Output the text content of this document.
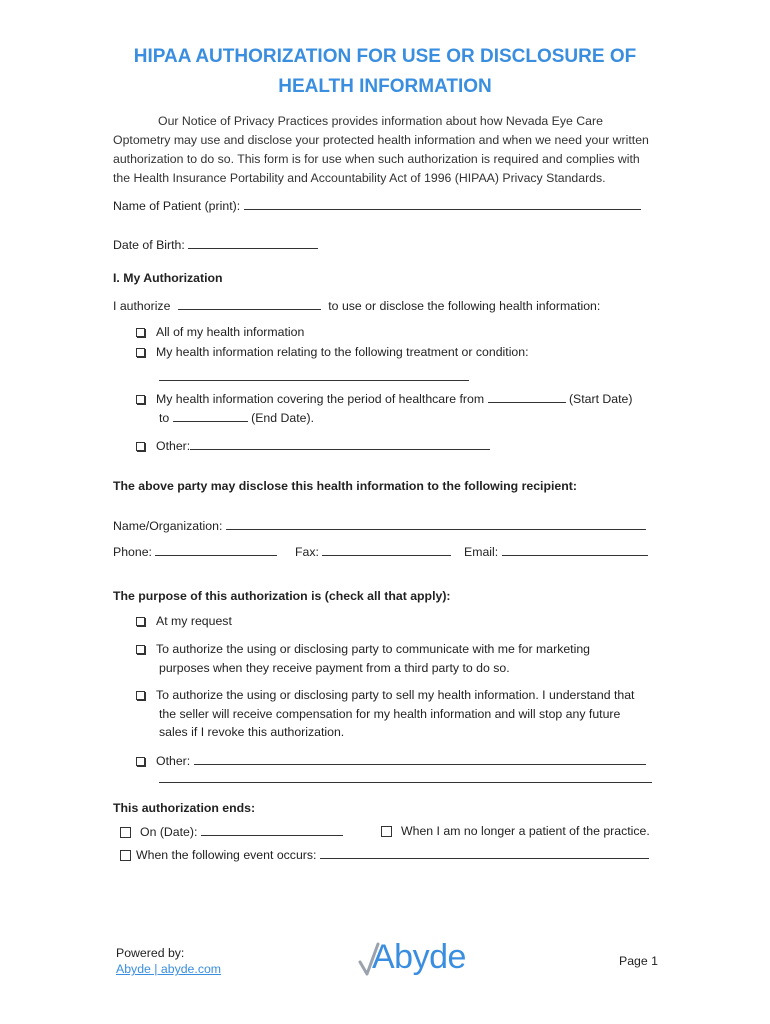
HIPAA AUTHORIZATION FOR USE OR DISCLOSURE OF
HEALTH INFORMATION
Our Notice of Privacy Practices provides information about how Nevada Eye Care Optometry may use and disclose your protected health information and when we need your written authorization to do so. This form is for use when such authorization is required and complies with the Health Insurance Portability and Accountability Act of 1996 (HIPAA) Privacy Standards.
Name of Patient (print):
Date of Birth:
I. My Authorization
I authorize	to use or disclose the following health information:
All of my health information
My health information relating to the following treatment or condition:
My health information covering the period of healthcare from	(Start Date)
to	(End Date).
Other:
The above party may disclose this health information to the following recipient:
Name/Organization:
Phone:	Fax:	Email:
The purpose of this authorization is (check all that apply):
At my request
To authorize the using or disclosing party to communicate with me for marketing
purposes when they receive payment from a third party to do so.
To authorize the using or disclosing party to sell my health information. I understand that
the seller will receive compensation for my health information and will stop any future
sales if I revoke this authorization.
Other:
This authorization ends:
On (Date):	When I am no longer a patient of the practice.
When the following event occurs:
Powered by:
Abyde | abyde.com	Abyde	Page 1
